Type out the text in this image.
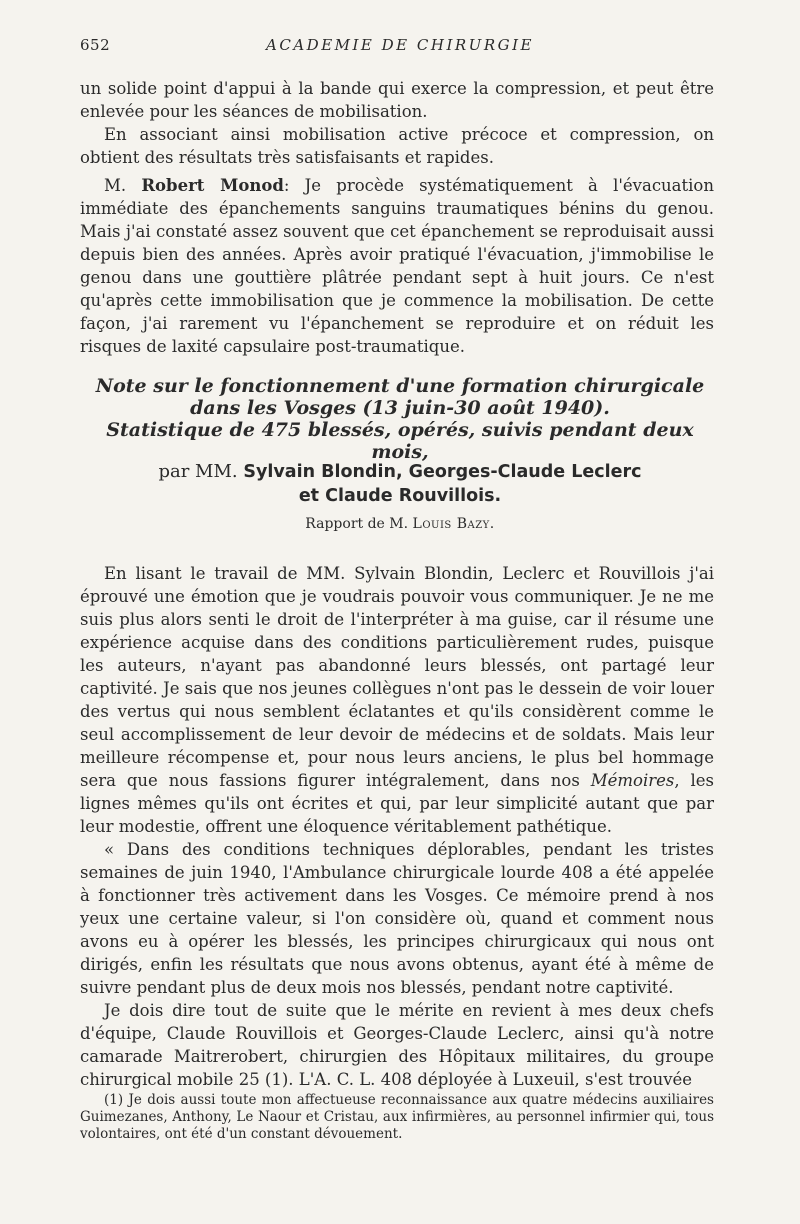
652	ACADEMIE DE CHIRURGIE

un solide point d'appui à la bande qui exerce la compression, et peut être enlevée pour les séances de mobilisation.

En associant ainsi mobilisation active précoce et compression, on obtient des résultats très satisfaisants et rapides.

M. Robert Monod: Je procède systématiquement à l'évacuation immédiate des épanchements sanguins traumatiques bénins du genou. Mais j'ai constaté assez souvent que cet épanchement se reproduisait aussi depuis bien des années. Après avoir pratiqué l'évacuation, j'immobilise le genou dans une gouttière plâtrée pendant sept à huit jours. Ce n'est qu'après cette immobilisation que je commence la mobilisation. De cette façon, j'ai rarement vu l'épanchement se reproduire et on réduit les risques de laxité capsulaire post-traumatique.

Note sur le fonctionnement d'une formation chirurgicale
dans les Vosges (13 juin-30 août 1940).
Statistique de 475 blessés, opérés, suivis pendant deux mois,
par MM. Sylvain Blondin, Georges-Claude Leclerc
et Claude Rouvillois.
Rapport de M. Louis Bazy.

En lisant le travail de MM. Sylvain Blondin, Leclerc et Rouvillois j'ai éprouvé une émotion que je voudrais pouvoir vous communiquer. Je ne me suis plus alors senti le droit de l'interpréter à ma guise, car il résume une expérience acquise dans des conditions particulièrement rudes, puisque les auteurs, n'ayant pas abandonné leurs blessés, ont partagé leur captivité. Je sais que nos jeunes collègues n'ont pas le dessein de voir louer des vertus qui nous semblent éclatantes et qu'ils considèrent comme le seul accomplissement de leur devoir de médecins et de soldats. Mais leur meilleure récompense et, pour nous leurs anciens, le plus bel hommage sera que nous fassions figurer intégralement, dans nos Mémoires, les lignes mêmes qu'ils ont écrites et qui, par leur simplicité autant que par leur modestie, offrent une éloquence véritablement pathétique.

« Dans des conditions techniques déplorables, pendant les tristes semaines de juin 1940, l'Ambulance chirurgicale lourde 408 a été appelée à fonctionner très activement dans les Vosges. Ce mémoire prend à nos yeux une certaine valeur, si l'on considère où, quand et comment nous avons eu à opérer les blessés, les principes chirurgicaux qui nous ont dirigés, enfin les résultats que nous avons obtenus, ayant été à même de suivre pendant plus de deux mois nos blessés, pendant notre captivité.

Je dois dire tout de suite que le mérite en revient à mes deux chefs d'équipe, Claude Rouvillois et Georges-Claude Leclerc, ainsi qu'à notre camarade Maitrerobert, chirurgien des Hôpitaux militaires, du groupe chirurgical mobile 25 (1). L'A. C. L. 408 déployée à Luxeuil, s'est trouvée

(1) Je dois aussi toute mon affectueuse reconnaissance aux quatre médecins auxiliaires Guimezanes, Anthony, Le Naour et Cristau, aux infirmières, au personnel infirmier qui, tous volontaires, ont été d'un constant dévouement.
